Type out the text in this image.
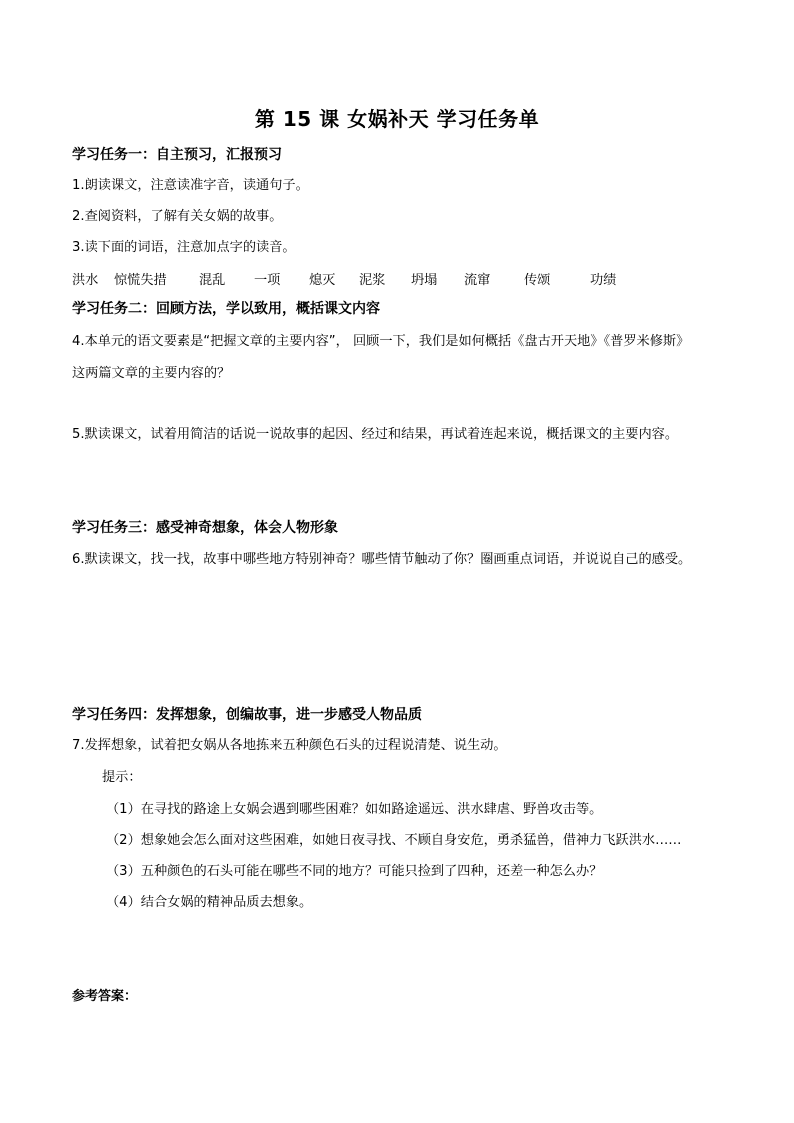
第 15 课 女娲补天 学习任务单
学习任务一：自主预习，汇报预习
1.朗读课文，注意读准字音，读通句子。
2.查阅资料，了解有关女娲的故事。
3.读下面的词语，注意加点字的读音。
洪水 惊慌失措 混乱 一项 熄灭 泥浆 坍塌 流窜	传颂	功绩
学习任务二：回顾方法，学以致用，概括课文内容
4.本单元的语文要素是“把握文章的主要内容”， 回顾一下，我们是如何概括《盘古开天地》《普罗米修斯》
这两篇文章的主要内容的？
5.默读课文，试着用简洁的话说一说故事的起因、经过和结果，再试着连起来说，概括课文的主要内容。
学习任务三：感受神奇想象，体会人物形象
6.默读课文，找一找，故事中哪些地方特别神奇？哪些情节触动了你？圈画重点词语，并说说自己的感受。
学习任务四：发挥想象，创编故事，进一步感受人物品质
7.发挥想象，试着把女娲从各地拣来五种颜色石头的过程说清楚、说生动。
提示：
（1）在寻找的路途上女娲会遇到哪些困难？如如路途遥远、洪水肆虐、野兽攻击等。
（2）想象她会怎么面对这些困难，如她日夜寻找、不顾自身安危，勇杀猛兽，借神力飞跃洪水……
（3）五种颜色的石头可能在哪些不同的地方？可能只捡到了四种，还差一种怎么办？
（4）结合女娲的精神品质去想象。
参考答案：
